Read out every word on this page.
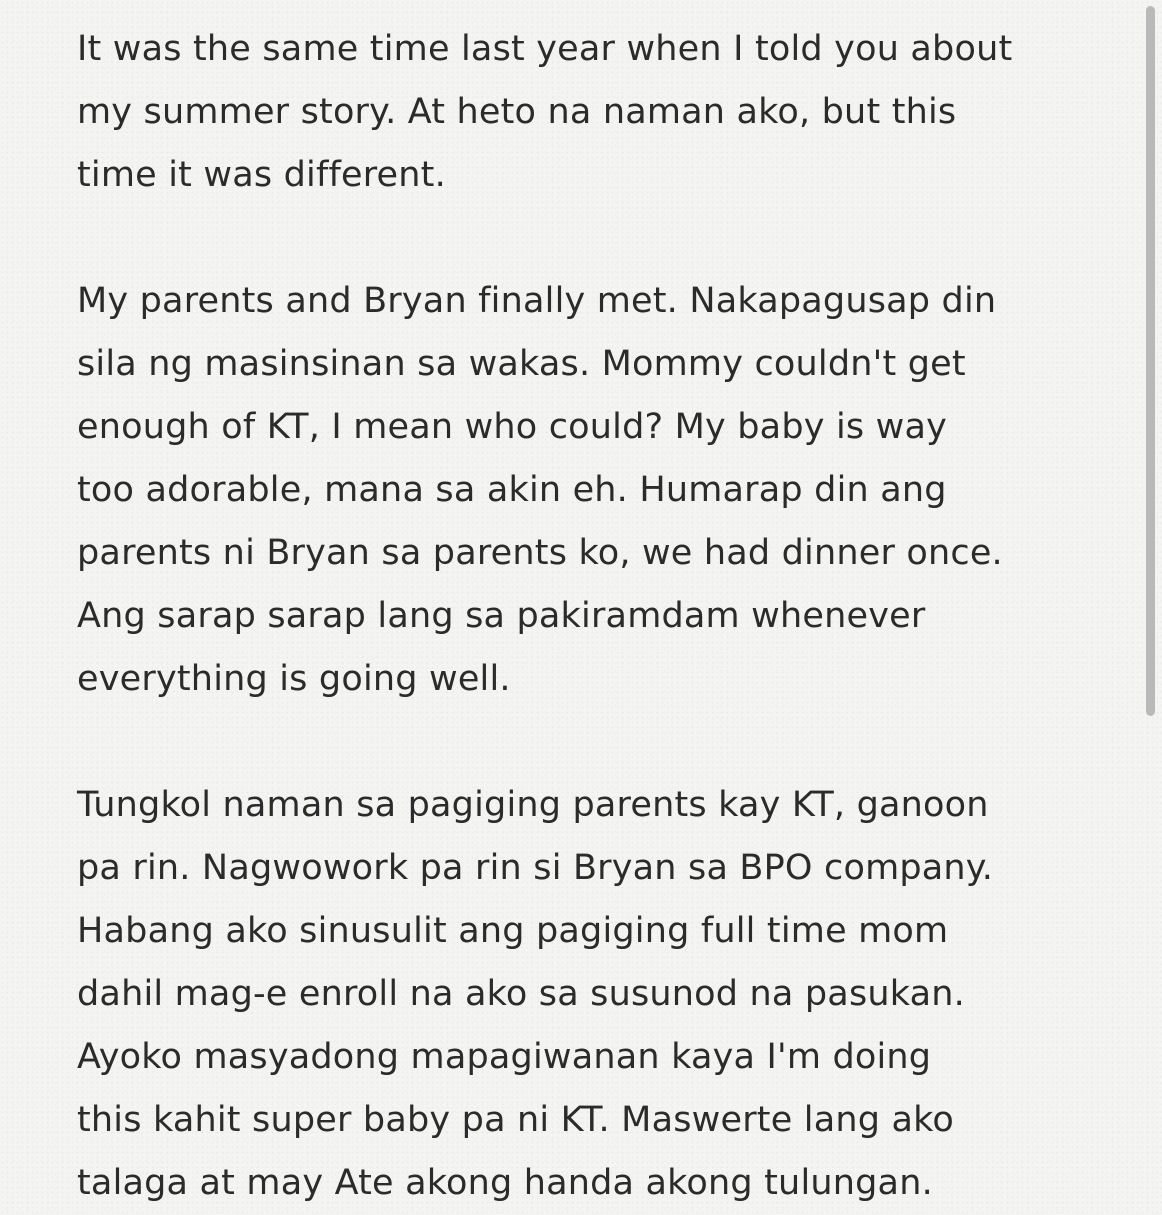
It was the same time last year when I told you about
my summer story. At heto na naman ako, but this
time it was different.

My parents and Bryan finally met. Nakapagusap din
sila ng masinsinan sa wakas. Mommy couldn't get
enough of KT, I mean who could? My baby is way
too adorable, mana sa akin eh. Humarap din ang
parents ni Bryan sa parents ko, we had dinner once.
Ang sarap sarap lang sa pakiramdam whenever
everything is going well.

Tungkol naman sa pagiging parents kay KT, ganoon
pa rin. Nagwowork pa rin si Bryan sa BPO company.
Habang ako sinusulit ang pagiging full time mom
dahil mag-e enroll na ako sa susunod na pasukan.
Ayoko masyadong mapagiwanan kaya I'm doing
this kahit super baby pa ni KT. Maswerte lang ako
talaga at may Ate akong handa akong tulungan.
